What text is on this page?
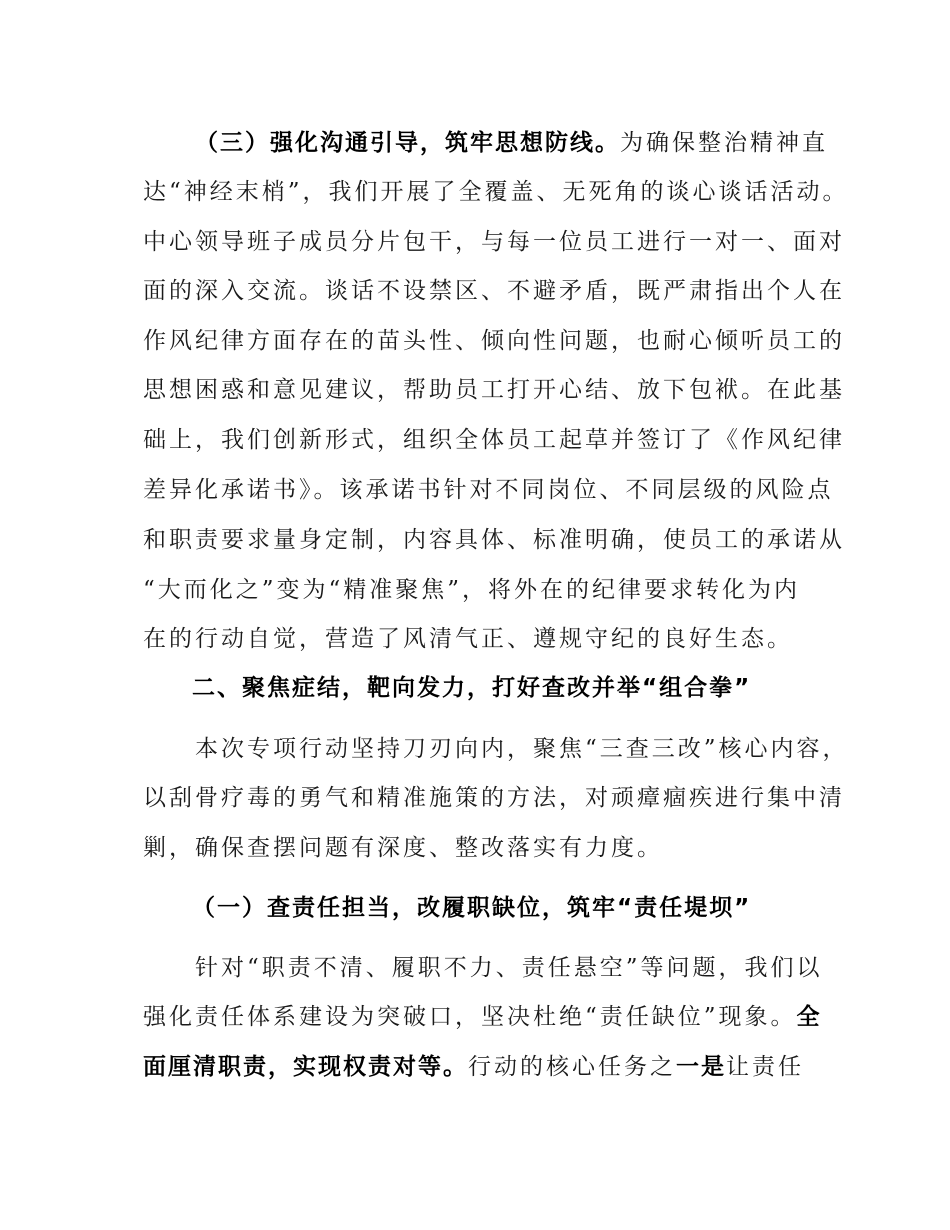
（三）强化沟通引导，筑牢思想防线。为确保整治精神直
达“神经末梢”，我们开展了全覆盖、无死角的谈心谈话活动。
中心领导班子成员分片包干，与每一位员工进行一对一、面对
面的深入交流。谈话不设禁区、不避矛盾，既严肃指出个人在
作风纪律方面存在的苗头性、倾向性问题，也耐心倾听员工的
思想困惑和意见建议，帮助员工打开心结、放下包袱。在此基
础上，我们创新形式，组织全体员工起草并签订了《作风纪律
差异化承诺书》。该承诺书针对不同岗位、不同层级的风险点
和职责要求量身定制，内容具体、标准明确，使员工的承诺从
“大而化之”变为“精准聚焦”，将外在的纪律要求转化为内
在的行动自觉，营造了风清气正、遵规守纪的良好生态。
二、聚焦症结，靶向发力，打好查改并举“组合拳”
本次专项行动坚持刀刃向内，聚焦“三查三改”核心内容，
以刮骨疗毒的勇气和精准施策的方法，对顽瘴痼疾进行集中清
剿，确保查摆问题有深度、整改落实有力度。
（一）查责任担当，改履职缺位，筑牢“责任堤坝”
针对“职责不清、履职不力、责任悬空”等问题，我们以
强化责任体系建设为突破口，坚决杜绝“责任缺位”现象。全
面厘清职责，实现权责对等。行动的核心任务之一是让责任
